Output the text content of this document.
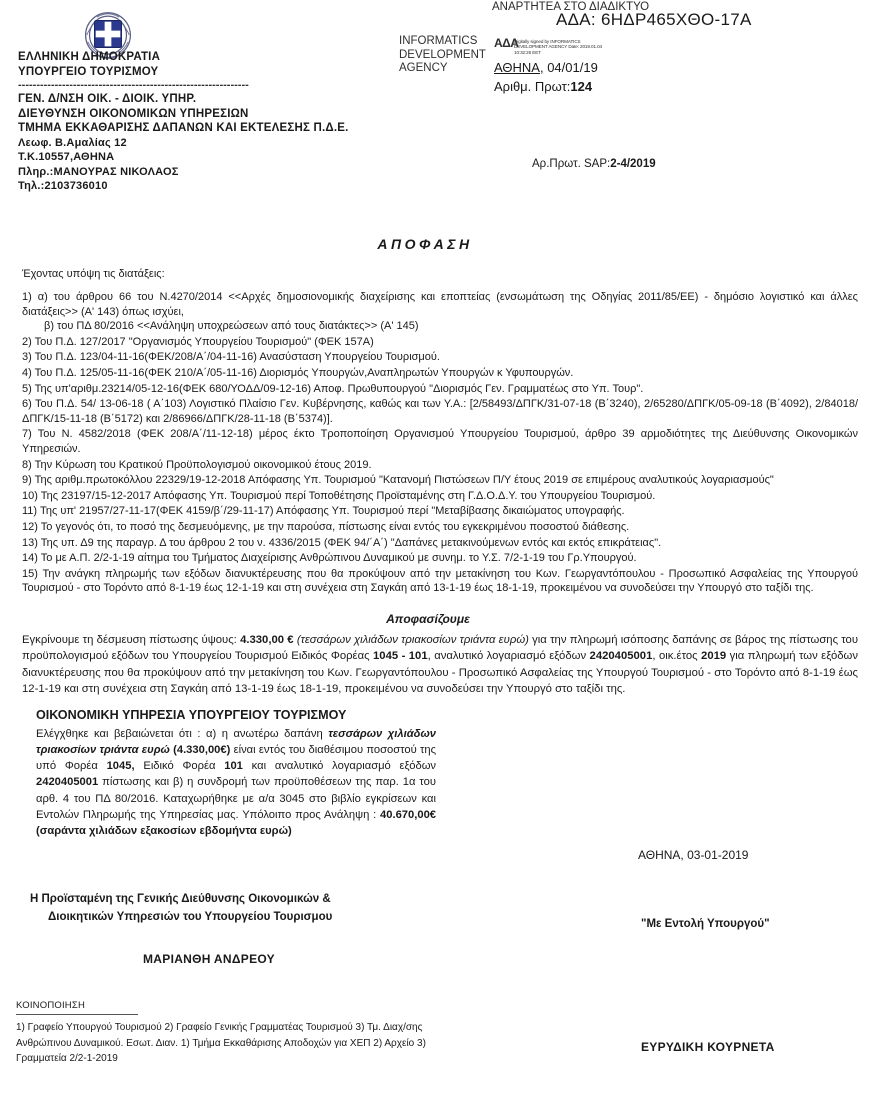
ΕΛΛΗΝΙΚΗ ΔΗΜΟΚΡΑΤΙΑ
ΥΠΟΥΡΓΕΙΟ ΤΟΥΡΙΣΜΟΥ
---------------------------------------------------------------
ΓΕΝ. Δ/ΝΣΗ ΟΙΚ. - ΔΙΟΙΚ. ΥΠΗΡ.
ΔΙΕΥΘΥΝΣΗ ΟΙΚΟΝΟΜΙΚΩΝ ΥΠΗΡΕΣΙΩΝ
ΤΜΗΜΑ ΕΚΚΑΘΑΡΙΣΗΣ ΔΑΠΑΝΩΝ ΚΑΙ ΕΚΤΕΛΕΣΗΣ Π.Δ.Ε.
Λεωφ. Β.Αμαλίας 12
Τ.Κ.10557,ΑΘΗΝΑ
Πληρ.:ΜΑΝΟΥΡΑΣ ΝΙΚΟΛΑΟΣ
Τηλ.:2103736010
ΑΝΑΡΤΗΤΕΑ ΣΤΟ ΔΙΑΔΙΚΤΥΟ
ΑΔΑ: 6ΗΔΡ465ΧΘΟ-17Α
INFORMATICS DEVELOPMENT AGENCY
ΑΔΑ
Digitally signed by INFORMATICS DEVELOPMENT AGENCY Date: 2019.01.04 10:32:26 EET
ΑΘΗΝΑ, 04/01/19
Αριθμ. Πρωτ:124
Αρ.Πρωτ. SAP:2-4/2019
ΑΠΟΦΑΣΗ
Έχοντας υπόψη τις διατάξεις:
1) α) του άρθρου 66 του Ν.4270/2014 <<Αρχές δημοσιονομικής διαχείρισης και εποπτείας (ενσωμάτωση της Οδηγίας 2011/85/ΕΕ) - δημόσιο λογιστικό και άλλες διατάξεις>> (Α' 143) όπως ισχύει,
β) του ΠΔ 80/2016 <<Ανάληψη υποχρεώσεων από τους διατάκτες>> (Α' 145)
2) Του Π.Δ. 127/2017 "Οργανισμός Υπουργείου Τουρισμού" (ΦΕΚ 157Α)
3) Του Π.Δ. 123/04-11-16(ΦΕΚ/208/Α΄/04-11-16) Ανασύσταση Υπουργείου Τουρισμού.
4) Του Π.Δ. 125/05-11-16(ΦΕΚ 210/Α΄/05-11-16) Διορισμός Υπουργών,Αναπληρωτών Υπουργών κ Υφυπουργών.
5) Της υπ'αριθμ.23214/05-12-16(ΦΕΚ 680/ΥΟΔΔ/09-12-16) Αποφ. Πρωθυπουργού "Διορισμός Γεν. Γραμματέως στο Υπ. Τουρ".
6) Του Π.Δ. 54/ 13-06-18 ( Α΄103) Λογιστικό Πλαίσιο Γεν. Κυβέρνησης, καθώς και των Υ.Α.: [2/58493/ΔΠΓΚ/31-07-18 (Β΄3240), 2/65280/ΔΠΓΚ/05-09-18 (Β΄4092), 2/84018/ΔΠΓΚ/15-11-18 (Β΄5172) και 2/86966/ΔΠΓΚ/28-11-18 (Β΄5374)].
7) Του Ν. 4582/2018 (ΦΕΚ 208/Α΄/11-12-18) μέρος έκτο Τροποποίηση Οργανισμού Υπουργείου Τουρισμού, άρθρο 39 αρμοδιότητες της Διεύθυνσης Οικονομικών Υπηρεσιών.
8) Την Κύρωση του Κρατικού Προϋπολογισμού οικονομικού έτους 2019.
9) Της αριθμ.πρωτοκόλλου 22329/19-12-2018 Απόφασης Υπ. Τουρισμού "Κατανομή Πιστώσεων Π/Υ έτους 2019 σε επιμέρους αναλυτικούς λογαριασμούς"
10) Της 23197/15-12-2017 Απόφασης Υπ. Τουρισμού περί Τοποθέτησης Προϊσταμένης στη Γ.Δ.Ο.Δ.Υ. του Υπουργείου Τουρισμού.
11) Της υπ' 21957/27-11-17(ΦΕΚ 4159/β΄/29-11-17) Απόφασης Υπ. Τουρισμού περί "Μεταβίβασης δικαιώματος υπογραφής.
12) Το γεγονός ότι, το ποσό της δεσμευόμενης, με την παρούσα, πίστωσης είναι εντός του εγκεκριμένου ποσοστού διάθεσης.
13) Της υπ. Δ9 της παραγρ. Δ του άρθρου 2 του ν. 4336/2015 (ΦΕΚ 94/΄Α΄) "Δαπάνες μετακινούμενων εντός και εκτός επικράτειας".
14) Το με Α.Π. 2/2-1-19 αίτημα του Τμήματος Διαχείρισης Ανθρώπινου Δυναμικού με συνημ. το Υ.Σ. 7/2-1-19 του Γρ.Υπουργού.
15) Την ανάγκη πληρωμής των εξόδων διανυκτέρευσης που θα προκύψουν από την μετακίνηση του Κων. Γεωργαντόπουλου - Προσωπικό Ασφαλείας της Υπουργού Τουρισμού - στο Τορόντο από 8-1-19 έως 12-1-19 και στη συνέχεια στη Σαγκάη από 13-1-19 έως 18-1-19, προκειμένου να συνοδεύσει την Υπουργό στο ταξίδι της.
Αποφασίζουμε
Εγκρίνουμε τη δέσμευση πίστωσης ύψους: 4.330,00 € (τεσσάρων χιλιάδων τριακοσίων τριάντα ευρώ) για την πληρωμή ισόποσης δαπάνης σε βάρος της πίστωσης του προϋπολογισμού εξόδων του Υπουργείου Τουρισμού Ειδικός Φορέας 1045 - 101, αναλυτικό λογαριασμό εξόδων 2420405001, οικ.έτος 2019 για πληρωμή των εξόδων διανυκτέρευσης που θα προκύψουν από την μετακίνηση του Κων. Γεωργαντόπουλου - Προσωπικό Ασφαλείας της Υπουργού Τουρισμού - στο Τορόντο από 8-1-19 έως 12-1-19 και στη συνέχεια στη Σαγκάη από 13-1-19 έως 18-1-19, προκειμένου να συνοδεύσει την Υπουργό στο ταξίδι της.
ΟΙΚΟΝΟΜΙΚΗ ΥΠΗΡΕΣΙΑ ΥΠΟΥΡΓΕΙΟΥ ΤΟΥΡΙΣΜΟΥ
Ελέγχθηκε και βεβαιώνεται ότι : α) η ανωτέρω δαπάνη τεσσάρων χιλιάδων τριακοσίων τριάντα ευρώ (4.330,00€) είναι εντός του διαθέσιμου ποσοστού της υπό Φορέα 1045, Ειδικό Φορέα 101 και αναλυτικό λογαριασμό εξόδων 2420405001 πίστωσης και β) η συνδρομή των προϋποθέσεων της παρ. 1α του αρθ. 4 του ΠΔ 80/2016. Καταχωρήθηκε με α/α 3045 στο βιβλίο εγκρίσεων και Εντολών Πληρωμής της Υπηρεσίας μας. Υπόλοιπο προς Ανάληψη : 40.670,00€ (σαράντα χιλιάδων εξακοσίων εβδομήντα ευρώ)
ΑΘΗΝΑ, 03-01-2019
Η Προϊσταμένη της Γενικής Διεύθυνσης Οικονομικών &
Διοικητικών Υπηρεσιών του Υπουργείου Τουρισμου
ΜΑΡΙΑΝΘΗ ΑΝΔΡΕΟΥ
"Με Εντολή Υπουργού"
ΚΟΙΝΟΠΟΙΗΣΗ
1) Γραφείο Υπουργού Τουρισμού 2) Γραφείο Γενικής Γραμματέας Τουρισμού 3) Τμ. Διαχ/σης Ανθρώπινου Δυναμικού. Εσωτ. Διαν. 1) Τμήμα Εκκαθάρισης Αποδοχών για ΧΕΠ 2) Αρχείο 3) Γραμματεία 2/2-1-2019
ΕΥΡΥΔΙΚΗ ΚΟΥΡΝΕΤΑ
